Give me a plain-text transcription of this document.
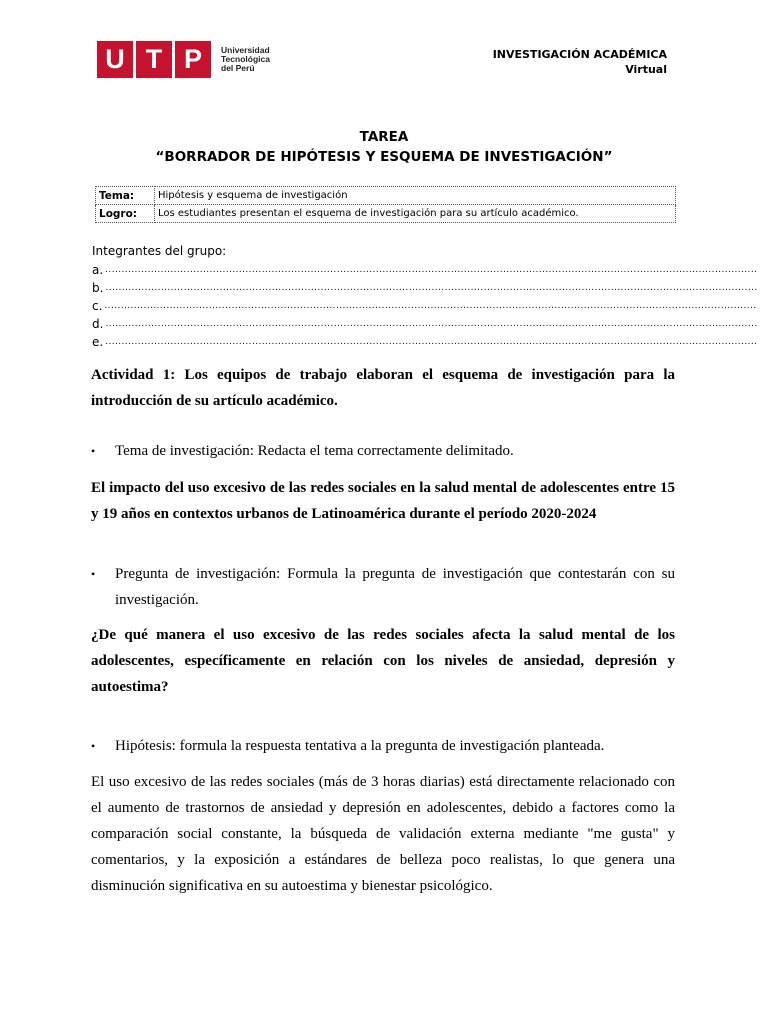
U T P	Universidad
Tecnológica
del Perú
INVESTIGACIÓN ACADÉMICA
Virtual
TAREA
“BORRADOR DE HIPÓTESIS Y ESQUEMA DE INVESTIGACIÓN”
Tema:	Hipótesis y esquema de investigación
Logro:	Los estudiantes presentan el esquema de investigación para su artículo académico.
Integrantes del grupo:
a. ........................................................................................................................................................................................................
b. ........................................................................................................................................................................................................
c. ........................................................................................................................................................................................................
d. ........................................................................................................................................................................................................
e. ........................................................................................................................................................................................................
Actividad 1: Los equipos de trabajo elaboran el esquema de investigación para la introducción de su artículo académico.
•	Tema de investigación: Redacta el tema correctamente delimitado.
El impacto del uso excesivo de las redes sociales en la salud mental de adolescentes entre 15 y 19 años en contextos urbanos de Latinoamérica durante el período 2020-2024
•	Pregunta de investigación: Formula la pregunta de investigación que contestarán con su investigación.
¿De qué manera el uso excesivo de las redes sociales afecta la salud mental de los adolescentes, específicamente en relación con los niveles de ansiedad, depresión y autoestima?
•	Hipótesis: formula la respuesta tentativa a la pregunta de investigación planteada.
El uso excesivo de las redes sociales (más de 3 horas diarias) está directamente relacionado con el aumento de trastornos de ansiedad y depresión en adolescentes, debido a factores como la comparación social constante, la búsqueda de validación externa mediante "me gusta" y comentarios, y la exposición a estándares de belleza poco realistas, lo que genera una disminución significativa en su autoestima y bienestar psicológico.
